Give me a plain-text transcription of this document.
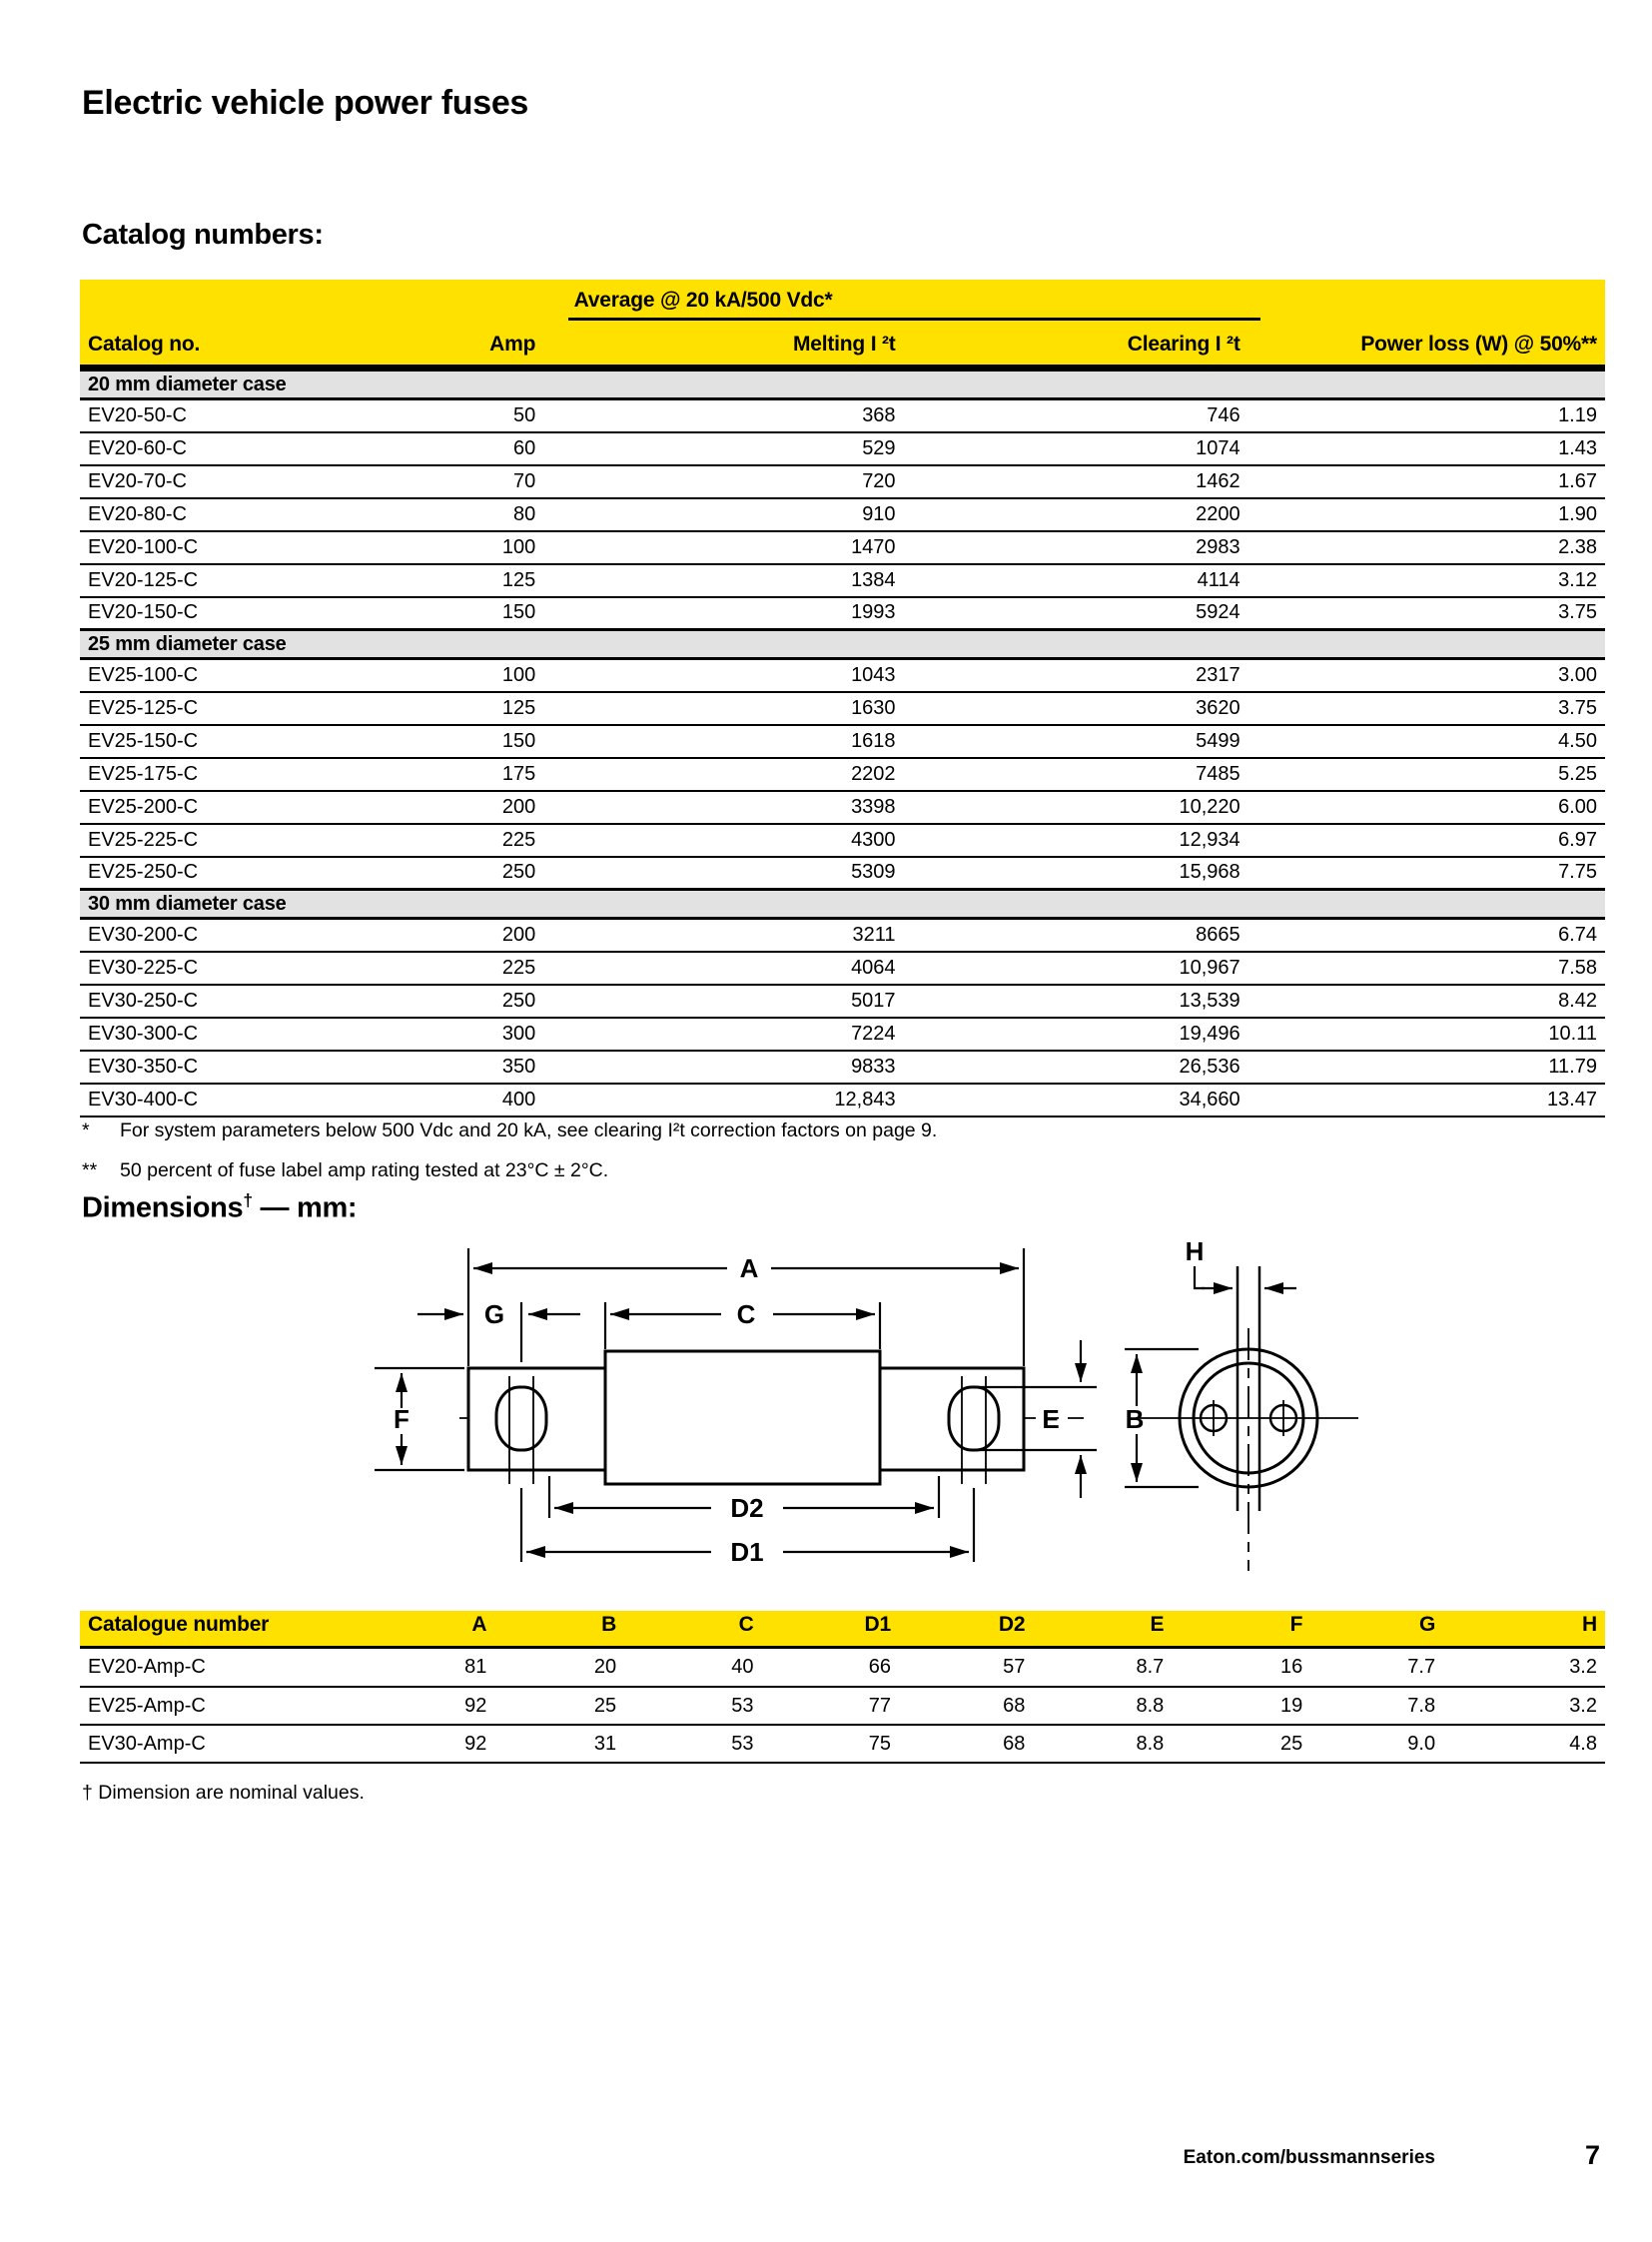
Electric vehicle power fuses
Catalog numbers:
Average @ 20 kA/500 Vdc*
Catalog no.	Amp	Melting I ²t	Clearing I ²t	Power loss (W) @ 50%**
20 mm diameter case				
EV20-50-C	50	368	746	1.19
EV20-60-C	60	529	1074	1.43
EV20-70-C	70	720	1462	1.67
EV20-80-C	80	910	2200	1.90
EV20-100-C	100	1470	2983	2.38
EV20-125-C	125	1384	4114	3.12
EV20-150-C	150	1993	5924	3.75
25 mm diameter case				
EV25-100-C	100	1043	2317	3.00
EV25-125-C	125	1630	3620	3.75
EV25-150-C	150	1618	5499	4.50
EV25-175-C	175	2202	7485	5.25
EV25-200-C	200	3398	10,220	6.00
EV25-225-C	225	4300	12,934	6.97
EV25-250-C	250	5309	15,968	7.75
30 mm diameter case				
EV30-200-C	200	3211	8665	6.74
EV30-225-C	225	4064	10,967	7.58
EV30-250-C	250	5017	13,539	8.42
EV30-300-C	300	7224	19,496	10.11
EV30-350-C	350	9833	26,536	11.79
EV30-400-C	400	12,843	34,660	13.47
*	For system parameters below 500 Vdc and 20 kA, see clearing I²t correction factors on page 9.
**	50 percent of fuse label amp rating tested at 23°C ± 2°C.
Dimensions† — mm:
A
C
G
F	E
D2
D1
H
B
Catalogue number	A	B	C	D1	D2	E	F	G	H
EV20-Amp-C	81	20	40	66	57	8.7	16	7.7	3.2
EV25-Amp-C	92	25	53	77	68	8.8	19	7.8	3.2
EV30-Amp-C	92	31	53	75	68	8.8	25	9.0	4.8
† Dimension are nominal values.
Eaton.com/bussmannseries	7
